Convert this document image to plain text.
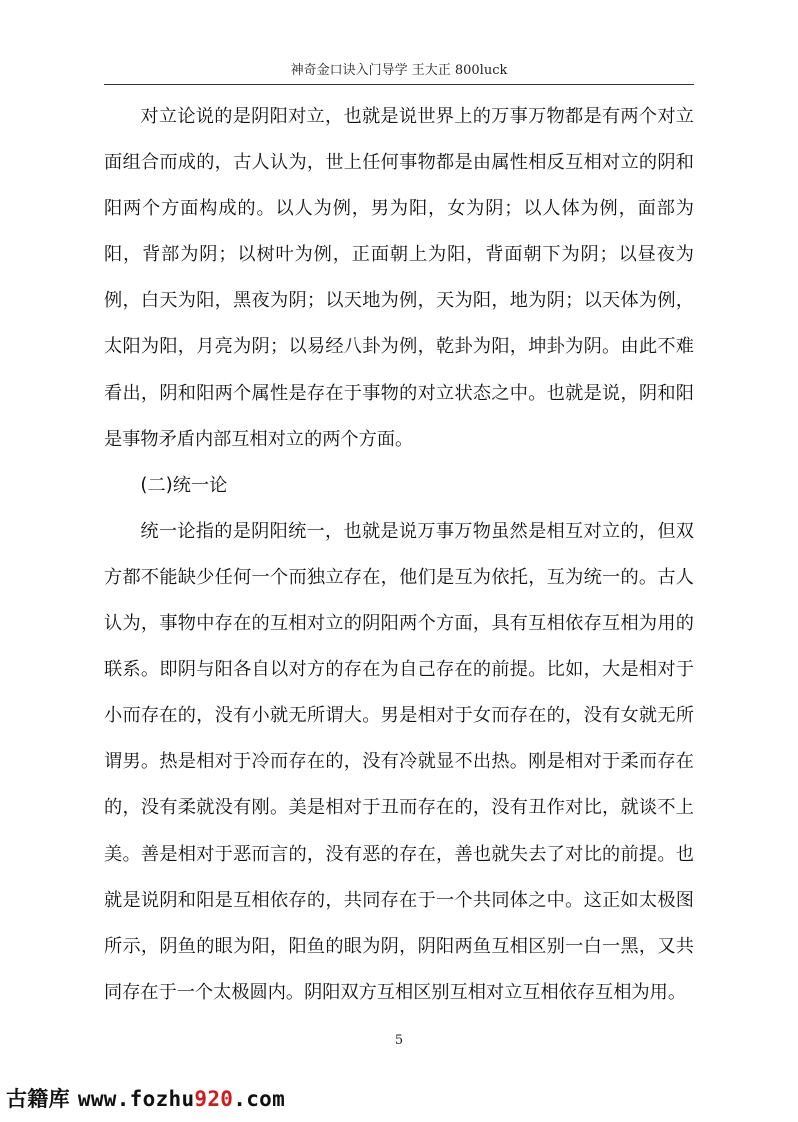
神奇金口诀入门导学 王大正 800luck

对立论说的是阴阳对立，也就是说世界上的万事万物都是有两个对立面组合而成的，古人认为，世上任何事物都是由属性相反互相对立的阴和阳两个方面构成的。以人为例，男为阳，女为阴；以人体为例，面部为阳，背部为阴；以树叶为例，正面朝上为阳，背面朝下为阴；以昼夜为例，白天为阳，黑夜为阴；以天地为例，天为阳，地为阴；以天体为例，太阳为阳，月亮为阴；以易经八卦为例，乾卦为阳，坤卦为阴。由此不难看出，阴和阳两个属性是存在于事物的对立状态之中。也就是说，阴和阳是事物矛盾内部互相对立的两个方面。

(二)统一论

统一论指的是阴阳统一，也就是说万事万物虽然是相互对立的，但双方都不能缺少任何一个而独立存在，他们是互为依托，互为统一的。古人认为，事物中存在的互相对立的阴阳两个方面，具有互相依存互相为用的联系。即阴与阳各自以对方的存在为自己存在的前提。比如，大是相对于小而存在的，没有小就无所谓大。男是相对于女而存在的，没有女就无所谓男。热是相对于冷而存在的，没有冷就显不出热。刚是相对于柔而存在的，没有柔就没有刚。美是相对于丑而存在的，没有丑作对比，就谈不上美。善是相对于恶而言的，没有恶的存在，善也就失去了对比的前提。也就是说阴和阳是互相依存的，共同存在于一个共同体之中。这正如太极图所示，阴鱼的眼为阳，阳鱼的眼为阴，阴阳两鱼互相区别一白一黑，又共同存在于一个太极圆内。阴阳双方互相区别互相对立互相依存互相为用。

5
古籍库 www.fozhu920.com
